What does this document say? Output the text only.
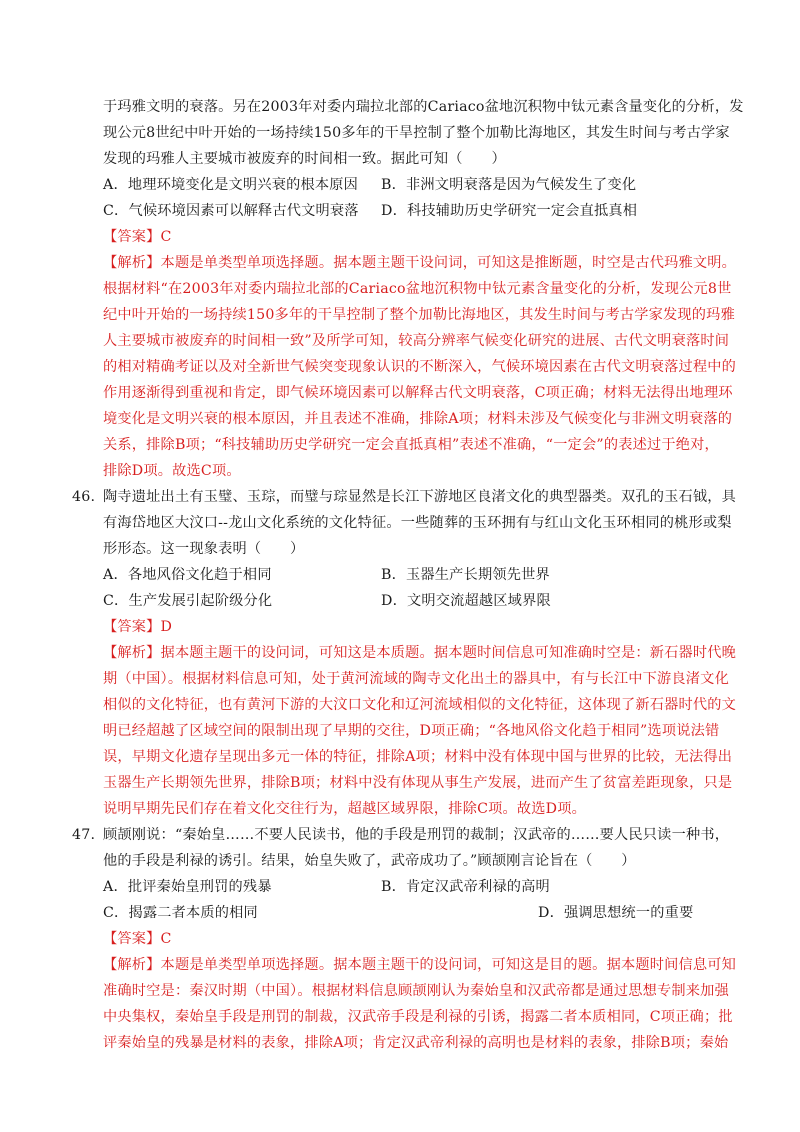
于玛雅文明的衰落。另在2003年对委内瑞拉北部的Cariaco盆地沉积物中钛元素含量变化的分析，发
现公元8世纪中叶开始的一场持续150多年的干旱控制了整个加勒比海地区，其发生时间与考古学家
发现的玛雅人主要城市被废弃的时间相一致。据此可知（　　）
A．地理环境变化是文明兴衰的根本原因 B．非洲文明衰落是因为气候发生了变化
C．气候环境因素可以解释古代文明衰落 D．科技辅助历史学研究一定会直抵真相
【答案】C
【解析】本题是单类型单项选择题。据本题主题干设问词，可知这是推断题，时空是古代玛雅文明。
根据材料“在2003年对委内瑞拉北部的Cariaco盆地沉积物中钛元素含量变化的分析，发现公元8世
纪中叶开始的一场持续150多年的干旱控制了整个加勒比海地区，其发生时间与考古学家发现的玛雅
人主要城市被废弃的时间相一致”及所学可知，较高分辨率气候变化研究的进展、古代文明衰落时间
的相对精确考证以及对全新世气候突变现象认识的不断深入，气候环境因素在古代文明衰落过程中的
作用逐渐得到重视和肯定，即气候环境因素可以解释古代文明衰落，C项正确；材料无法得出地理环
境变化是文明兴衰的根本原因，并且表述不准确，排除A项；材料未涉及气候变化与非洲文明衰落的
关系，排除B项；“科技辅助历史学研究一定会直抵真相”表述不准确，“一定会”的表述过于绝对，
排除D项。故选C项。
46. 陶寺遗址出土有玉璧、玉琮，而璧与琮显然是长江下游地区良渚文化的典型器类。双孔的玉石钺，具
有海岱地区大汶口--龙山文化系统的文化特征。一些随葬的玉环拥有与红山文化玉环相同的桃形或梨
形形态。这一现象表明（　　）
A．各地风俗文化趋于相同	B．玉器生产长期领先世界
C．生产发展引起阶级分化	D．文明交流超越区域界限
【答案】D
【解析】据本题主题干的设问词，可知这是本质题。据本题时间信息可知准确时空是：新石器时代晚
期（中国）。根据材料信息可知，处于黄河流域的陶寺文化出土的器具中，有与长江中下游良渚文化
相似的文化特征，也有黄河下游的大汶口文化和辽河流域相似的文化特征，这体现了新石器时代的文
明已经超越了区域空间的限制出现了早期的交往，D项正确；“各地风俗文化趋于相同”选项说法错
误，早期文化遗存呈现出多元一体的特征，排除A项；材料中没有体现中国与世界的比较，无法得出
玉器生产长期领先世界，排除B项；材料中没有体现从事生产发展，进而产生了贫富差距现象，只是
说明早期先民们存在着文化交往行为，超越区域界限，排除C项。故选D项。
47. 顾颉刚说：“秦始皇……不要人民读书，他的手段是刑罚的裁制；汉武帝的……要人民只读一种书，
他的手段是利禄的诱引。结果，始皇失败了，武帝成功了。”顾颉刚言论旨在（　　）
A．批评秦始皇刑罚的残暴	B．肯定汉武帝利禄的高明
C．揭露二者本质的相同	D．强调思想统一的重要
【答案】C
【解析】本题是单类型单项选择题。据本题主题干的设问词，可知这是目的题。据本题时间信息可知
准确时空是：秦汉时期（中国）。根据材料信息顾颉刚认为秦始皇和汉武帝都是通过思想专制来加强
中央集权，秦始皇手段是刑罚的制裁，汉武帝手段是利禄的引诱，揭露二者本质相同，C项正确；批
评秦始皇的残暴是材料的表象，排除A项；肯定汉武帝利禄的高明也是材料的表象，排除B项；秦始
